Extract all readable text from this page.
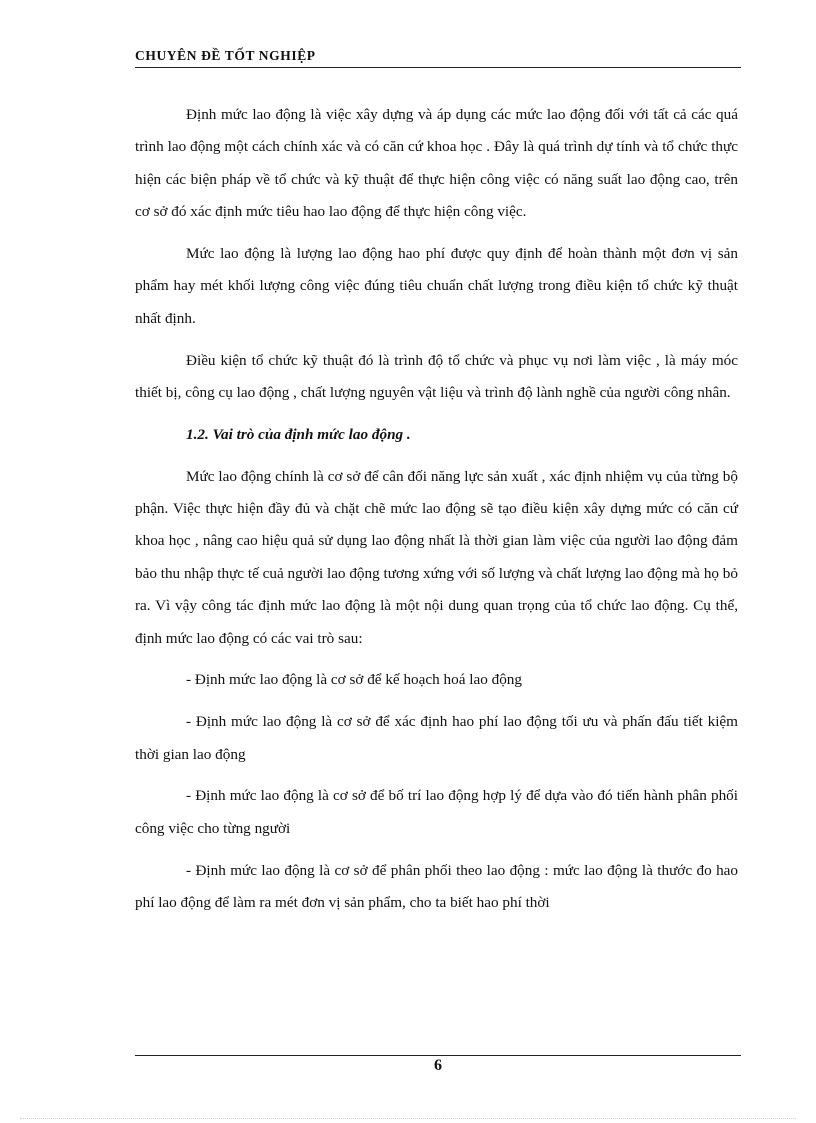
CHUYÊN ĐỀ TỐT NGHIỆP

Định mức lao động là việc xây dựng và áp dụng các mức lao động đối với tất cả các quá trình lao động một cách chính xác và có căn cứ khoa học . Đây là quá trình dự tính và tổ chức thực hiện các biện pháp về tổ chức và kỹ thuật để thực hiện công việc có năng suất lao động cao, trên cơ sở đó xác định mức tiêu hao lao động để thực hiện công việc.

Mức lao động là lượng lao động hao phí được quy định để hoàn thành một đơn vị sản phẩm hay mét khối lượng công việc đúng tiêu chuẩn chất lượng trong điều kiện tổ chức kỹ thuật nhất định.

Điều kiện tổ chức kỹ thuật đó là trình độ tổ chức và phục vụ nơi làm việc , là máy móc thiết bị, công cụ lao động , chất lượng nguyên vật liệu và trình độ lành nghề của người công nhân.

1.2. Vai trò của định mức lao động .

Mức lao động chính là cơ sở để cân đối năng lực sản xuất , xác định nhiệm vụ của từng bộ phận. Việc thực hiện đầy đủ và chặt chẽ mức lao động sẽ tạo điều kiện xây dựng mức có căn cứ khoa học , nâng cao hiệu quả sử dụng lao động nhất là thời gian làm việc của người lao động đảm bảo thu nhập thực tế cuả người lao động tương xứng với số lượng và chất lượng lao động mà họ bỏ ra. Vì vậy công tác định mức lao động là một nội dung quan trọng của tổ chức lao động. Cụ thể, định mức lao động có các vai trò sau:

- Định mức lao động là cơ sở để kế hoạch hoá lao động

- Định mức lao động là cơ sở để xác định hao phí lao động tối ưu và phấn đấu tiết kiệm thời gian lao động

- Định mức lao động là cơ sở để bố trí lao động hợp lý để dựa vào đó tiến hành phân phối công việc cho từng người

- Định mức lao động là cơ sở để phân phối theo lao động : mức lao động là thước đo hao phí lao động để làm ra mét đơn vị sản phẩm, cho ta biết hao phí thời

6
